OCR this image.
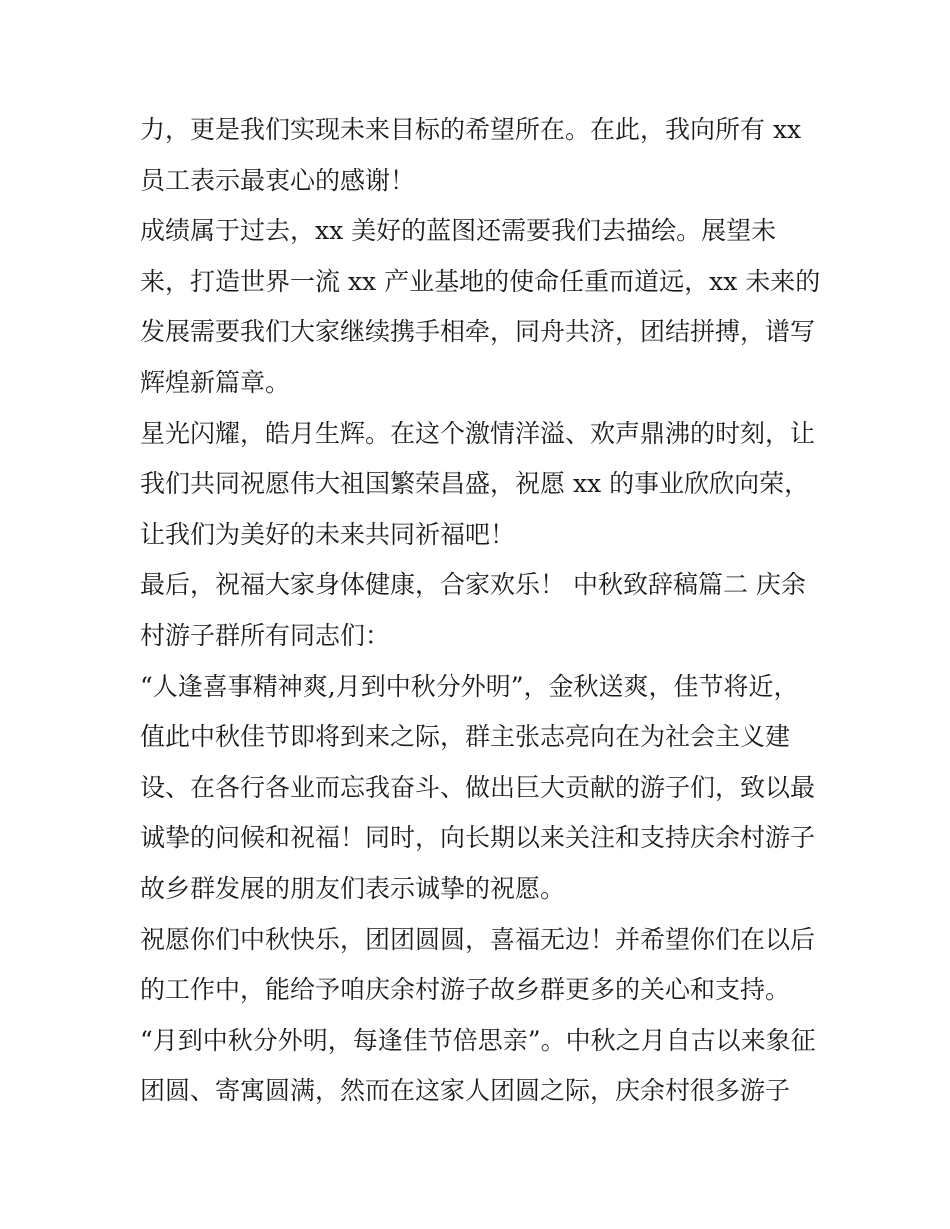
力，更是我们实现未来目标的希望所在。在此，我向所有 xx
员工表示最衷心的感谢！
成绩属于过去，xx 美好的蓝图还需要我们去描绘。展望未
来，打造世界一流 xx 产业基地的使命任重而道远，xx 未来的
发展需要我们大家继续携手相牵，同舟共济，团结拼搏，谱写
辉煌新篇章。
星光闪耀，皓月生辉。在这个激情洋溢、欢声鼎沸的时刻，让
我们共同祝愿伟大祖国繁荣昌盛，祝愿 xx 的事业欣欣向荣，
让我们为美好的未来共同祈福吧！
最后，祝福大家身体健康，合家欢乐！ 中秋致辞稿篇二 庆余
村游子群所有同志们：
“人逢喜事精神爽,月到中秋分外明”，金秋送爽，佳节将近，
值此中秋佳节即将到来之际，群主张志亮向在为社会主义建
设、在各行各业而忘我奋斗、做出巨大贡献的游子们，致以最
诚挚的问候和祝福！同时，向长期以来关注和支持庆余村游子
故乡群发展的朋友们表示诚挚的祝愿。
祝愿你们中秋快乐，团团圆圆，喜福无边！并希望你们在以后
的工作中，能给予咱庆余村游子故乡群更多的关心和支持。
“月到中秋分外明，每逢佳节倍思亲”。中秋之月自古以来象征
团圆、寄寓圆满，然而在这家人团圆之际，庆余村很多游子
